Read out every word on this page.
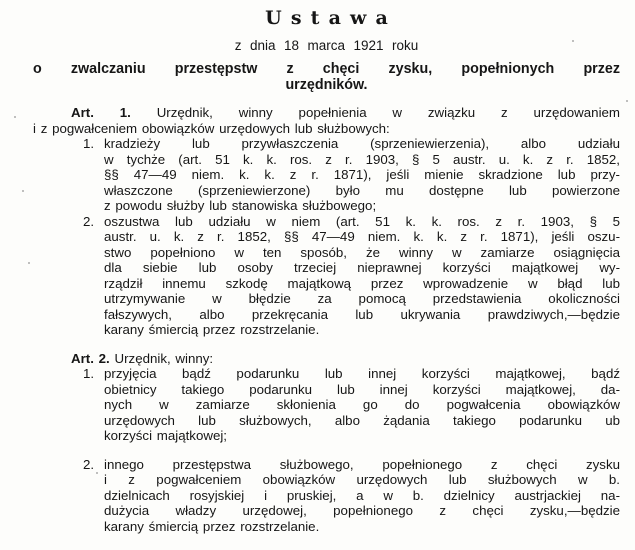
Ustawa
z dnia 18 marca 1921 roku
o zwalczaniu przestępstw z chęci zysku, popełnionych przez
urzędników.
Art. 1. Urzędnik, winny popełnienia w związku z urzędowaniem
i z pogwałceniem obowiązków urzędowych lub służbowych:
1. kradzieży lub przywłaszczenia (sprzeniewierzenia), albo udziału
w tychże (art. 51 k. k. ros. z r. 1903, § 5 austr. u. k. z r. 1852,
§§ 47—49 niem. k. k. z r. 1871), jeśli mienie skradzione lub przy-
właszczone (sprzeniewierzone) było mu dostępne lub powierzone
z powodu służby lub stanowiska służbowego;
2. oszustwa lub udziału w niem (art. 51 k. k. ros. z r. 1903, § 5
austr. u. k. z r. 1852, §§ 47—49 niem. k. k. z r. 1871), jeśli oszu-
stwo popełniono w ten sposób, że winny w zamiarze osiągnięcia
dla siebie lub osoby trzeciej nieprawnej korzyści majątkowej wy-
rządził innemu szkodę majątkową przez wprowadzenie w błąd lub
utrzymywanie w błędzie za pomocą przedstawienia okoliczności
fałszywych, albo przekręcania lub ukrywania prawdziwych,—będzie
karany śmiercią przez rozstrzelanie.
Art. 2. Urzędnik, winny:
1. przyjęcia bądź podarunku lub innej korzyści majątkowej, bądź
obietnicy takiego podarunku lub innej korzyści majątkowej, da-
nych w zamiarze skłonienia go do pogwałcenia obowiązków
urzędowych lub służbowych, albo żądania takiego podarunku ub
korzyści majątkowej;
2. innego przestępstwa służbowego, popełnionego z chęci zysku
i z pogwałceniem obowiązków urzędowych lub służbowych w b.
dzielnicach rosyjskiej i pruskiej, a w b. dzielnicy austrjackiej na-
dużycia władzy urzędowej, popełnionego z chęci zysku,—będzie
karany śmiercią przez rozstrzelanie.
